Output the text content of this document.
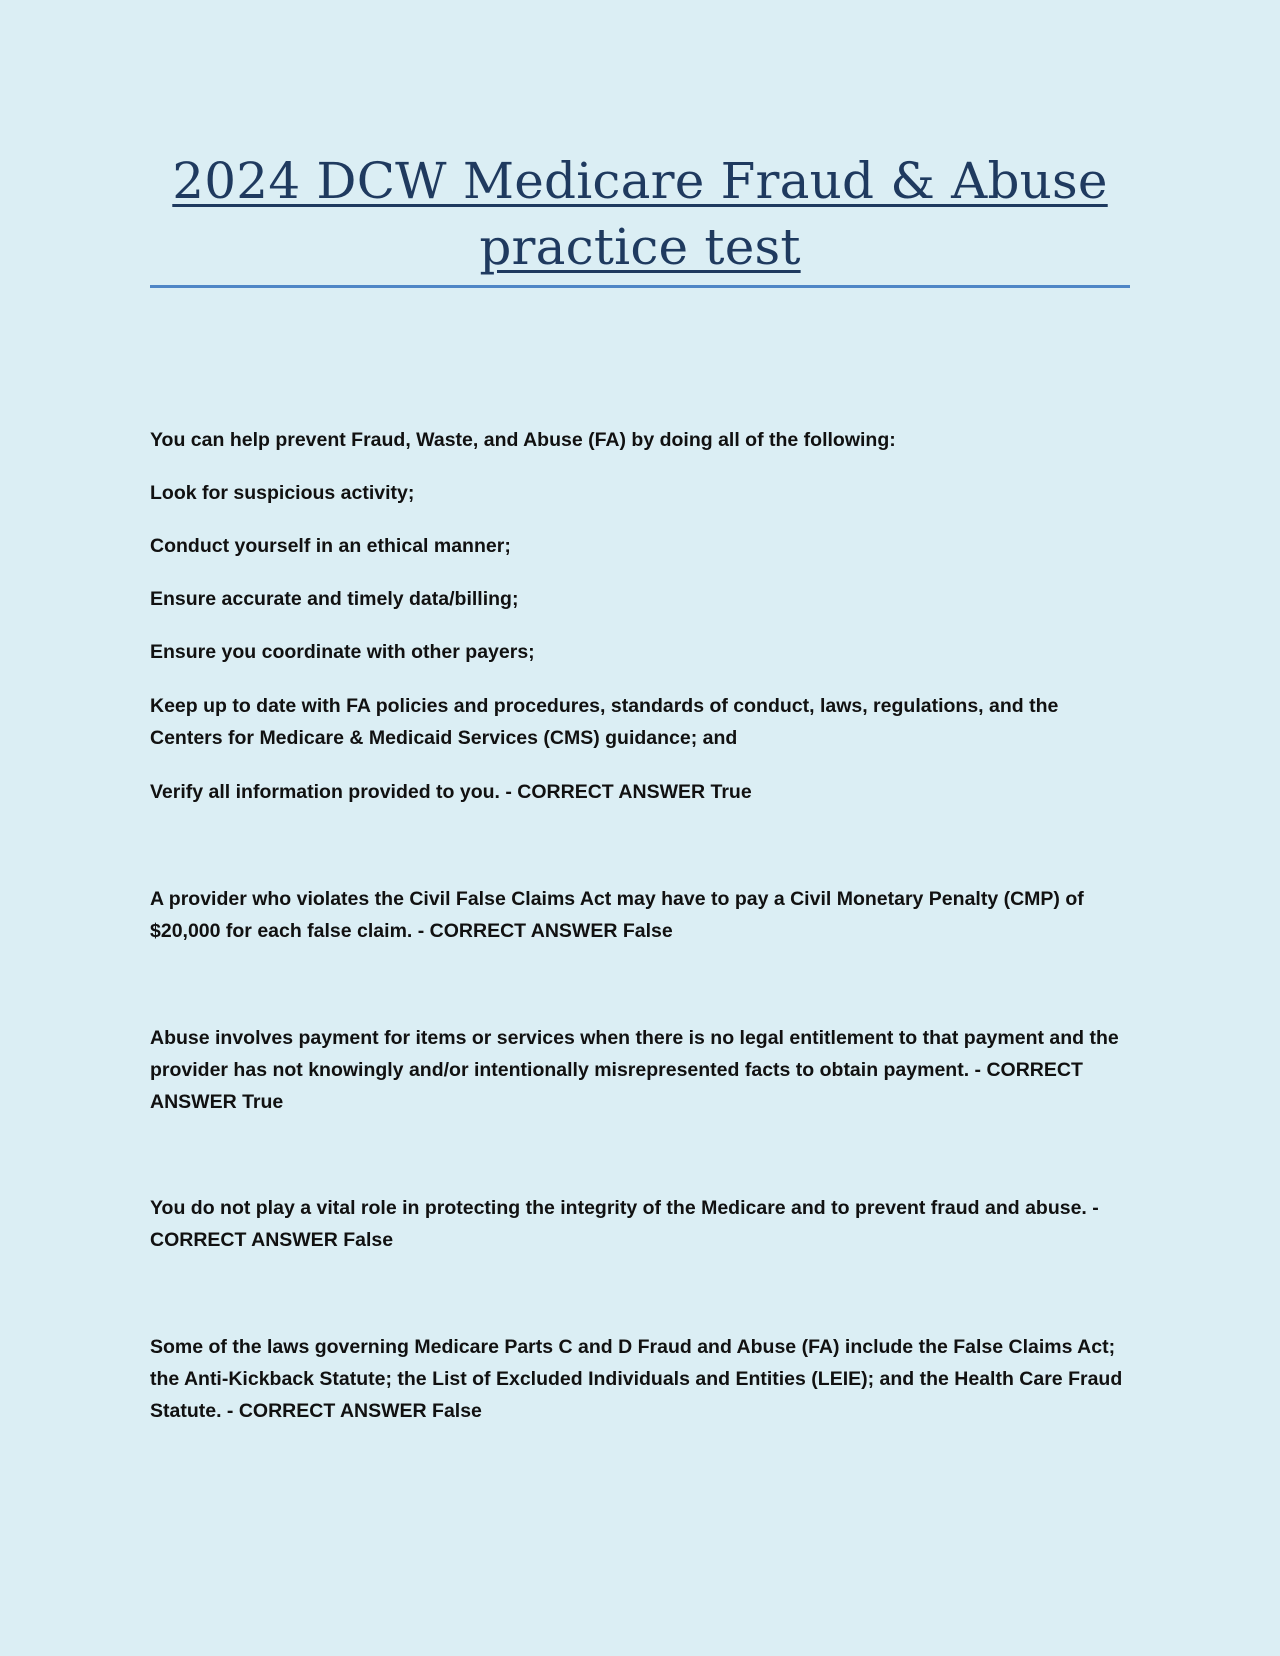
2024 DCW Medicare Fraud & Abuse
practice test

You can help prevent Fraud, Waste, and Abuse (FA) by doing all of the following:

Look for suspicious activity;

Conduct yourself in an ethical manner;

Ensure accurate and timely data/billing;

Ensure you coordinate with other payers;

Keep up to date with FA policies and procedures, standards of conduct, laws, regulations, and the Centers for Medicare & Medicaid Services (CMS) guidance; and

Verify all information provided to you. - CORRECT ANSWER True

A provider who violates the Civil False Claims Act may have to pay a Civil Monetary Penalty (CMP) of $20,000 for each false claim. - CORRECT ANSWER False

Abuse involves payment for items or services when there is no legal entitlement to that payment and the provider has not knowingly and/or intentionally misrepresented facts to obtain payment. - CORRECT ANSWER True

You do not play a vital role in protecting the integrity of the Medicare and to prevent fraud and abuse. - CORRECT ANSWER False

Some of the laws governing Medicare Parts C and D Fraud and Abuse (FA) include the False Claims Act; the Anti-Kickback Statute; the List of Excluded Individuals and Entities (LEIE); and the Health Care Fraud Statute. - CORRECT ANSWER False
